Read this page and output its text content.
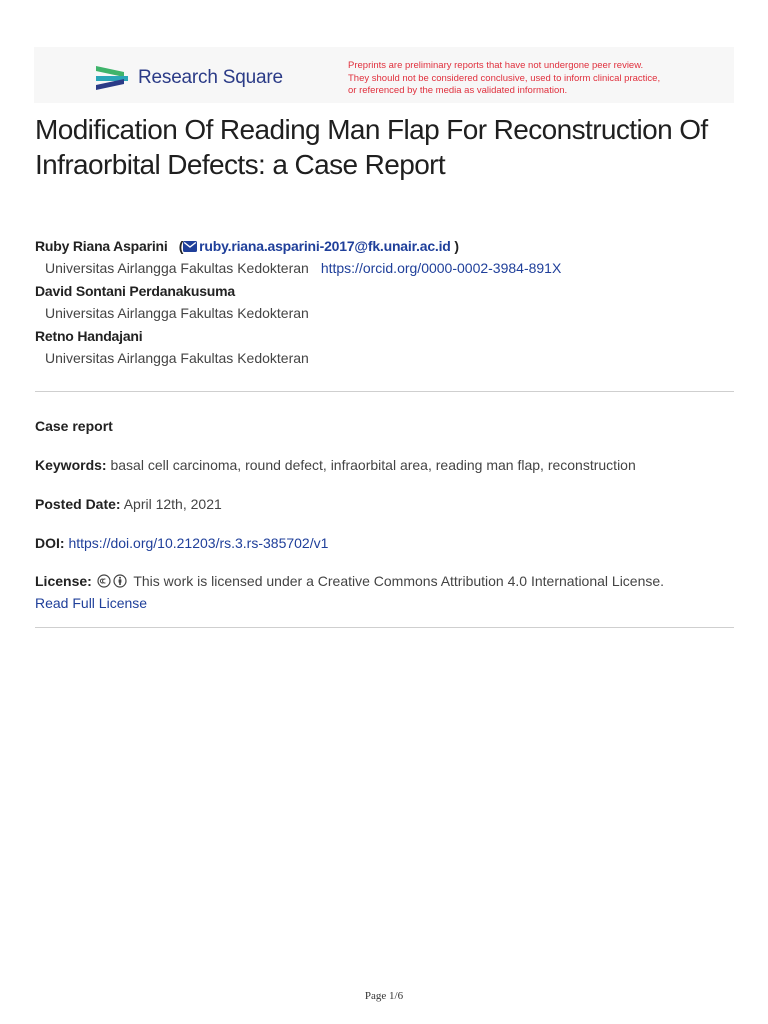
Research Square
Preprints are preliminary reports that have not undergone peer review.
They should not be considered conclusive, used to inform clinical practice,
or referenced by the media as validated information.
Modification Of Reading Man Flap For Reconstruction Of Infraorbital Defects: a Case Report
Ruby Riana Asparini ( ruby.riana.asparini-2017@fk.unair.ac.id )
Universitas Airlangga Fakultas Kedokteran https://orcid.org/0000-0002-3984-891X
David Sontani Perdanakusuma
Universitas Airlangga Fakultas Kedokteran
Retno Handajani
Universitas Airlangga Fakultas Kedokteran
Case report
Keywords: basal cell carcinoma, round defect, infraorbital area, reading man flap, reconstruction
Posted Date: April 12th, 2021
DOI: https://doi.org/10.21203/rs.3.rs-385702/v1
License:	This work is licensed under a Creative Commons Attribution 4.0 International License.
Read Full License
Page 1/6
